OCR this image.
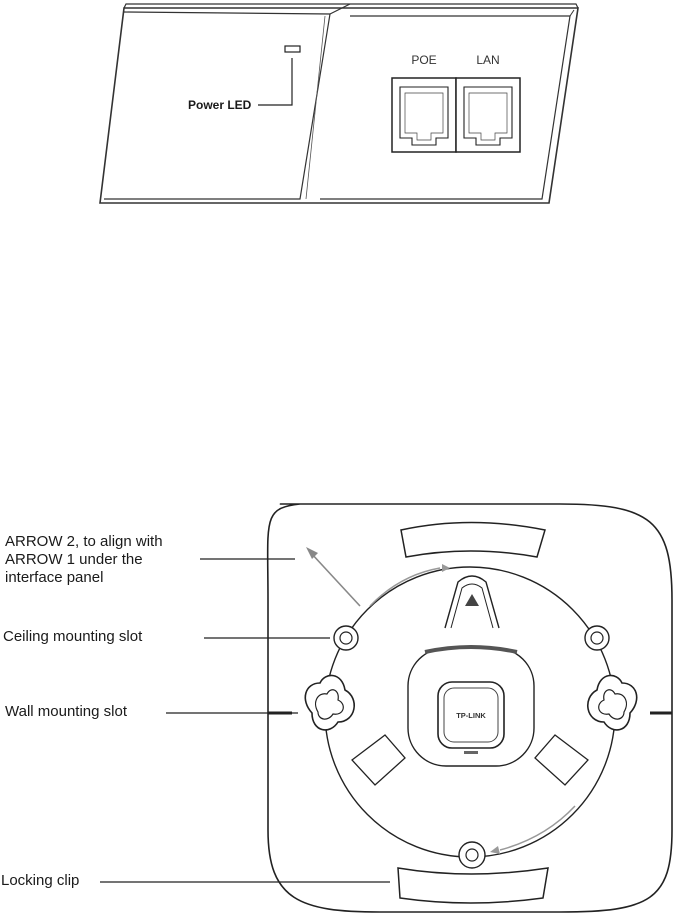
POE	LAN
TP-LINK
Power LED
ARROW 2, to align with
ARROW 1 under the
interface panel
Ceiling mounting slot
Wall mounting slot
Locking clip
